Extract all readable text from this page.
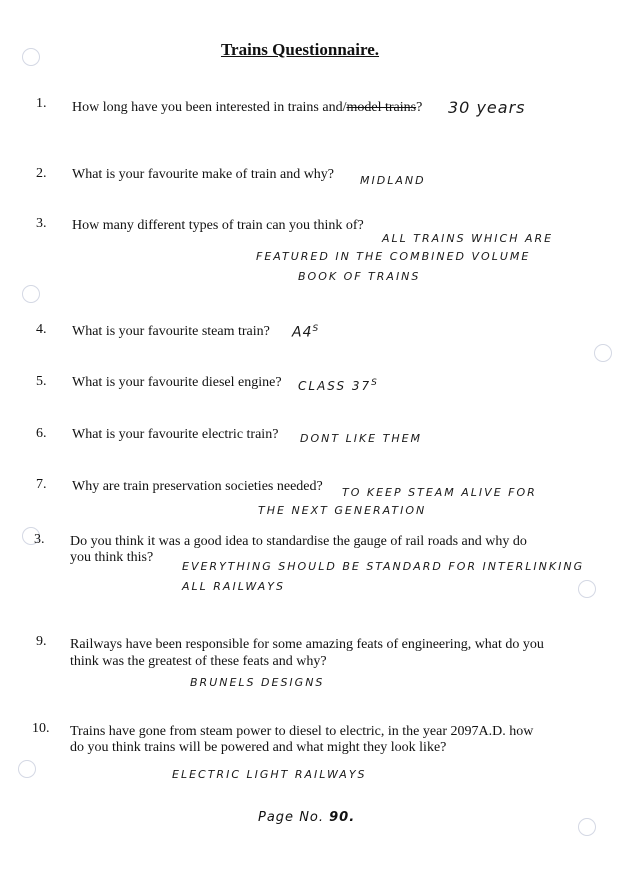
Trains Questionnaire.
1. How long have you been interested in trains and/model trains? 30 years
2. What is your favourite make of train and why? MIDLAND
3. How many different types of train can you think of?
ALL TRAINS WHICH ARE
FEATURED IN THE COMBINED VOLUME
BOOK OF TRAINS
4. What is your favourite steam train? $A4^S$
5. What is your favourite diesel engine? CLASS $37^S$
6. What is your favourite electric train? DONT LIKE THEM
7. Why are train preservation societies needed? TO KEEP STEAM ALIVE FOR
THE NEXT GENERATION
3. Do you think it was a good idea to standardise the gauge of rail roads and why do
you think this?
EVERYTHING SHOULD BE STANDARD FOR INTERLINKING
ALL RAILWAYS
9. Railways have been responsible for some amazing feats of engineering, what do you
think was the greatest of these feats and why?
BRUNELS DESIGNS
10. Trains have gone from steam power to diesel to electric, in the year 2097A.D. how
do you think trains will be powered and what might they look like?
ELECTRIC LIGHT RAILWAYS
Page No. 90.
